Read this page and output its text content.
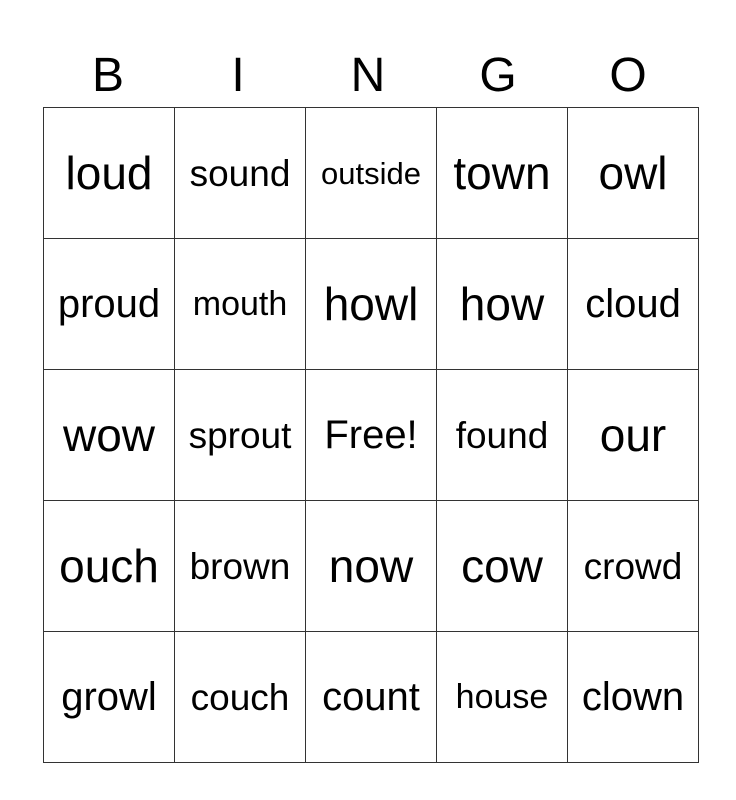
B	I	N	G	O
loud	sound	outside	town	owl
proud	mouth	howl	how	cloud
wow	sprout	Free!	found	our
ouch	brown	now	cow	crowd
growl	couch	count	house	clown
